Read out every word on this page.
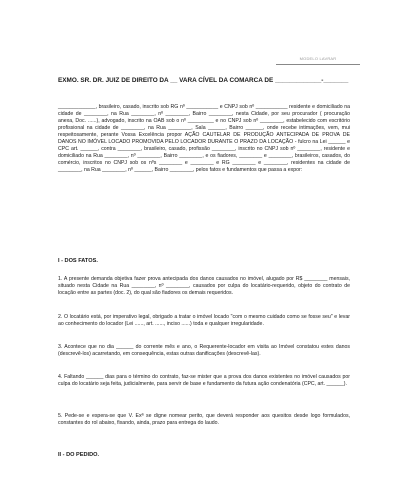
MODELO LAVRAR

EXMO. SR. DR. JUIZ DE DIREITO DA __ VARA CÍVEL DA COMARCA DE _____________-_______

_____________, brasileiro, casado, inscrito sob RG nº ___________ e CNPJ sob nº ___________ residente e domiciliado na cidade de ________, na Rua ________, nº ________, Bairro ________, nesta Cidade, por seu procurador ( procuração anexa, Doc. ......), advogado, inscrito na OAB sob o nº _________ e no CNPJ sob nº ________, estabelecido com escritório profissional na cidade de ________, na Rua ________, Sala ______, Bairro ______, onde recebe intimações, vem, mui respeitosamente, perante Vossa Excelência propor AÇÃO CAUTELAR DE PRODUÇÃO ANTECIPADA DE PROVA DE DANOS NO IMÓVEL LOCADO PROMOVIDA PELO LOCADOR DURANTE O PRAZO DA LOCAÇÃO - fulcro na Lei ______ e CPC art. ______, contra ________, brasileiro, casado, profissão ________, inscrito no CNPJ sob nº ________, residente e domiciliado na Rua ________, nº ________, Bairro ________, e os fiadores, ________ e ________, brasileiros, casados, do comércio, inscritos no CNPJ sob os nºs ________ e ________ e RG ________ e ________, residentes na cidade de ________, na Rua ________, nº ______, Bairro ________, pelos fatos e fundamentos que passa a expor:

I - DOS FATOS.

1. A presente demanda objetiva fazer prova antecipada dos danos causados no imóvel, alugado por R$ ________ mensais, situado nesta Cidade na Rua ________, nº ________, causados por culpa do locatário-requerido, objeto do contrato de locação entre as partes (doc. 2), do qual são fiadores os demais requeridos.

2. O locatário está, por imperativo legal, obrigado a tratar o imóvel locado "com o mesmo cuidado como se fosse seu" e levar ao conhecimento do locador (Lei ......, art. ......, inciso ......) toda e qualquer irregularidade.

3. Acontece que no dia ______ do corrente mês e ano, o Requerente-locador em visita ao Imóvel constatou estes danos (descrevê-los) acarretando, em consequência, estas outras danificações (descrevê-las).

4. Faltando ______ dias para o término do contrato, faz-se mister que a prova dos danos existentes no imóvel causados por culpa do locatário seja feita, judicialmente, para servir de base e fundamento da futura ação condenatória (CPC, art. ______).

5. Pede-se e espera-se que V. Exª se digne nomear perito, que deverá responder aos quesitos desde logo formulados, constantes do rol abaixo, fixando, ainda, prazo para entrega do laudo.

II - DO PEDIDO.
